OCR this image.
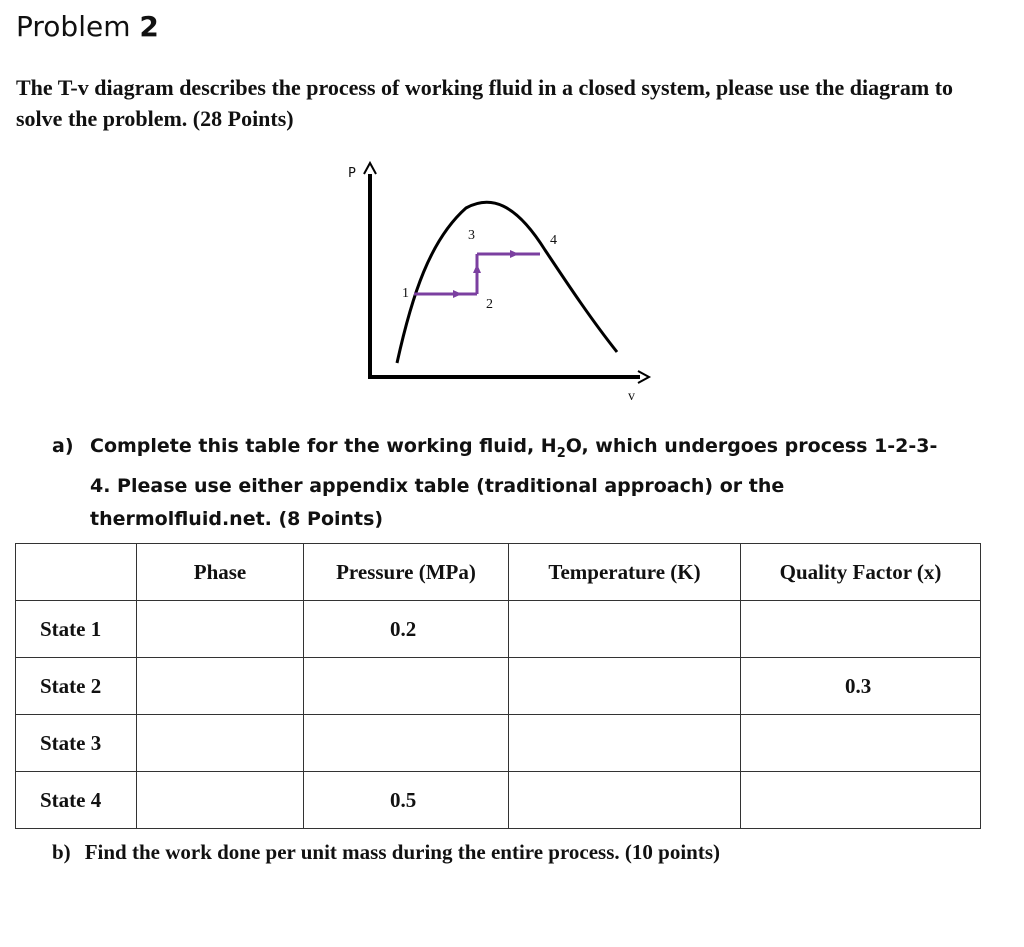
Problem 2
The T-v diagram describes the process of working fluid in a closed system, please use the diagram to solve the problem. (28 Points)
P
v
1
2
3	4
a) Complete this table for the working fluid, $H_2O$, which undergoes process 1-2-3-4. Please use either appendix table (traditional approach) or the thermolfluid.net. (8 Points)
	Phase	Pressure (MPa)	Temperature (K)	Quality Factor (x)
State 1		0.2		
State 2				0.3
State 3				
State 4		0.5		
b) Find the work done per unit mass during the entire process. (10 points)
